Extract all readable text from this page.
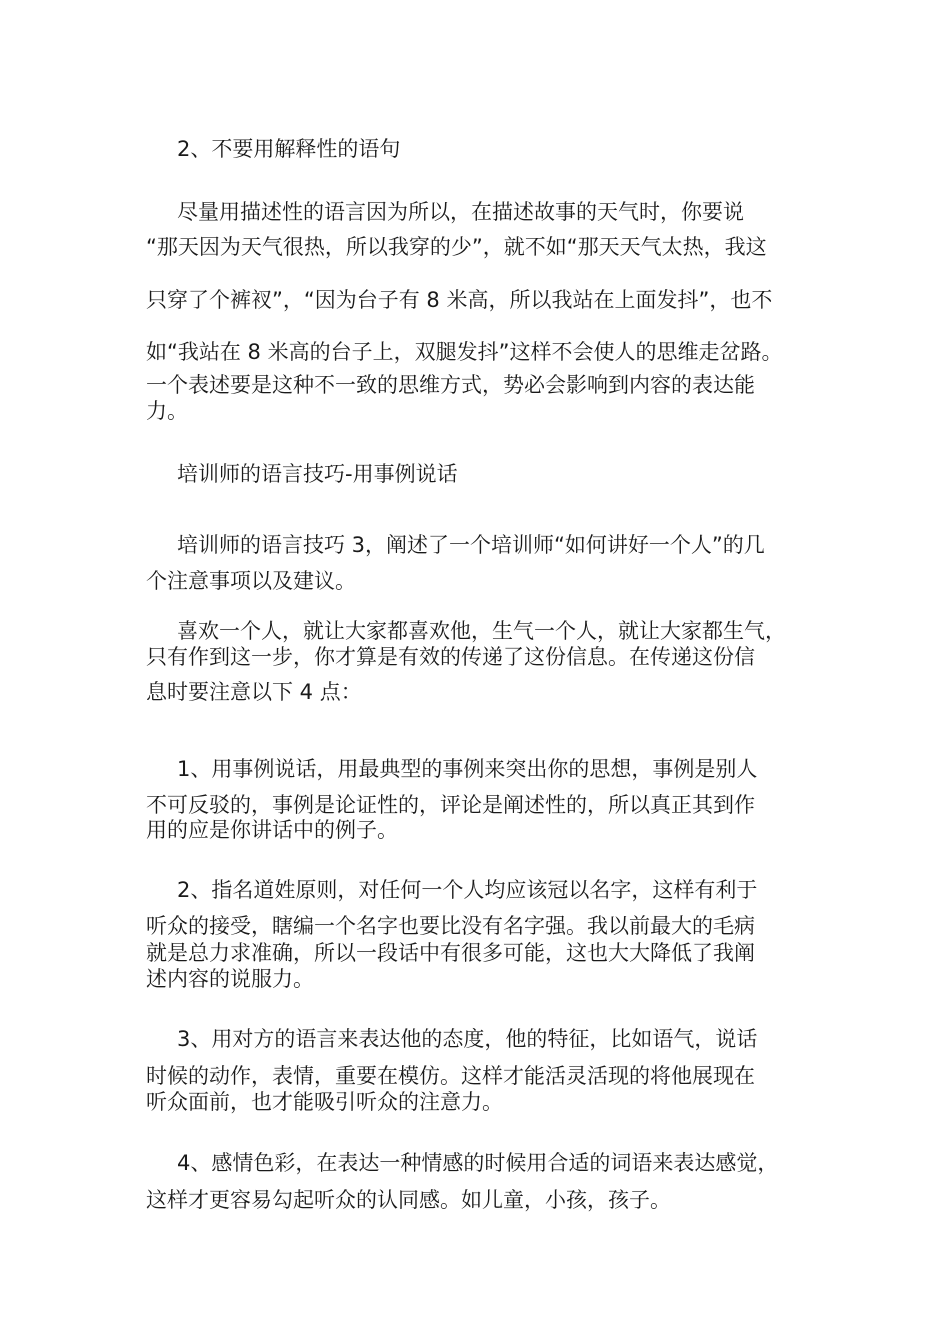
2、不要用解释性的语句
尽量用描述性的语言因为所以，在描述故事的天气时，你要说
“那天因为天气很热，所以我穿的少”，就不如“那天天气太热，我这
只穿了个裤衩”，“因为台子有 8 米高，所以我站在上面发抖”，也不
如“我站在 8 米高的台子上，双腿发抖”这样不会使人的思维走岔路。
一个表述要是这种不一致的思维方式，势必会影响到内容的表达能
力。
培训师的语言技巧-用事例说话
培训师的语言技巧 3，阐述了一个培训师“如何讲好一个人”的几
个注意事项以及建议。
喜欢一个人，就让大家都喜欢他，生气一个人，就让大家都生气，
只有作到这一步，你才算是有效的传递了这份信息。在传递这份信
息时要注意以下 4 点：
1、用事例说话，用最典型的事例来突出你的思想，事例是别人
不可反驳的，事例是论证性的，评论是阐述性的，所以真正其到作
用的应是你讲话中的例子。
2、指名道姓原则，对任何一个人均应该冠以名字，这样有利于
听众的接受，瞎编一个名字也要比没有名字强。我以前最大的毛病
就是总力求准确，所以一段话中有很多可能，这也大大降低了我阐
述内容的说服力。
3、用对方的语言来表达他的态度，他的特征，比如语气，说话
时候的动作，表情，重要在模仿。这样才能活灵活现的将他展现在
听众面前，也才能吸引听众的注意力。
4、感情色彩，在表达一种情感的时候用合适的词语来表达感觉，
这样才更容易勾起听众的认同感。如儿童，小孩，孩子。
